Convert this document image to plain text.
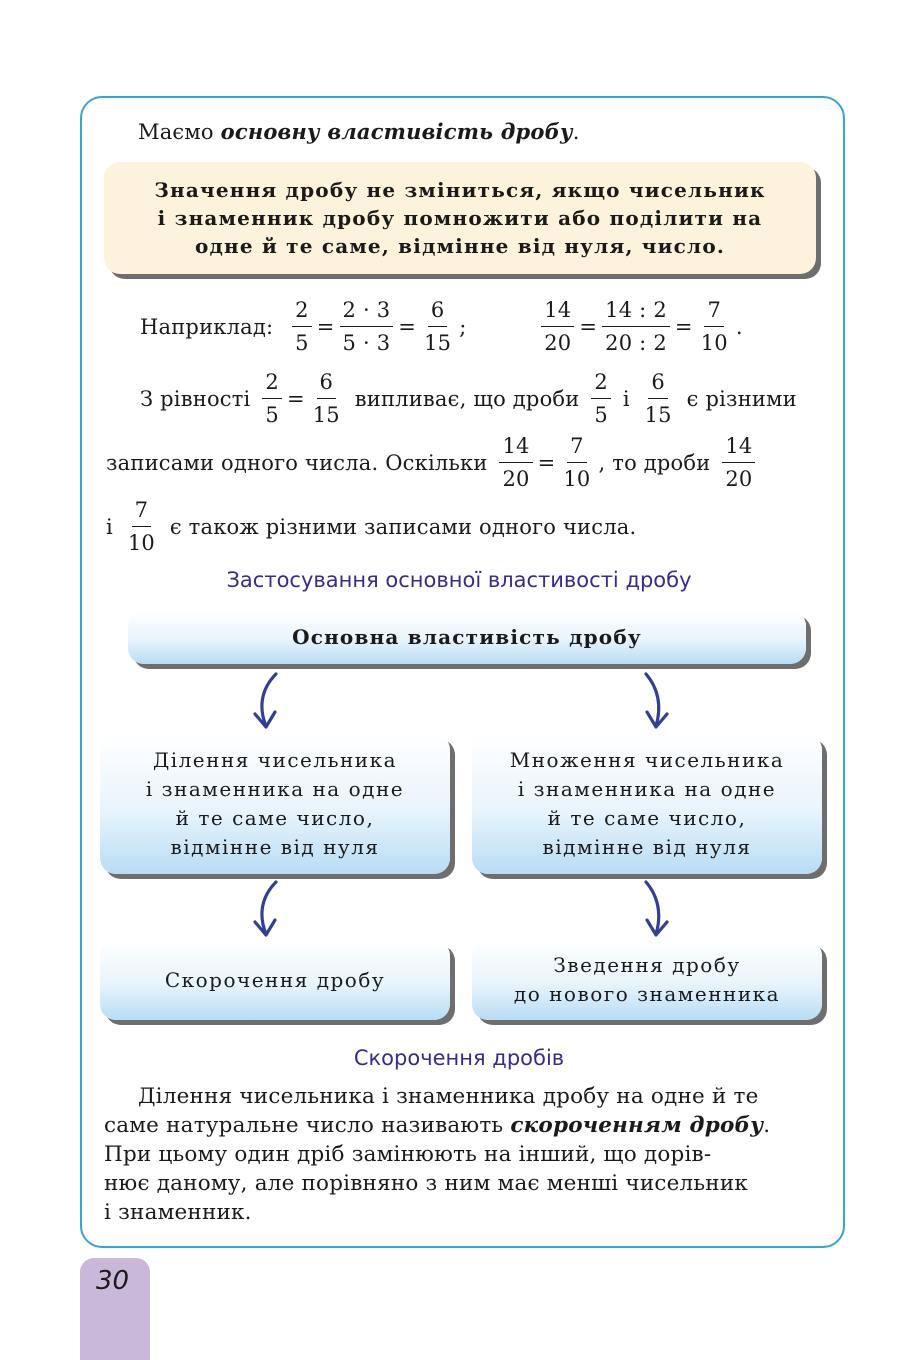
Маємо основну властивість дробу.
Значення дробу не зміниться, якщо чисельник
і знаменник дробу помножити або поділити на
одне й те саме, відмінне від нуля, число.
Наприклад: $\frac{2}{5} = \frac{2 \cdot 3}{5 \cdot 3} = \frac{6}{15}$ ;	$\frac{14}{20} = \frac{14 : 2}{20 : 2} = \frac{7}{10}$ .
З рівності $\frac{2}{5} = \frac{6}{15}$ випливає, що дроби $\frac{2}{5}$ і $\frac{6}{15}$ є різними
записами одного числа. Оскільки $\frac{14}{20} = \frac{7}{10}$ , то дроби $\frac{14}{20}$
і $\frac{7}{10}$ є також різними записами одного числа.
Застосування основної властивості дробу
Основна властивість дробу
Ділення чисельника
і знаменника на одне
й те саме число,
відмінне від нуля
Множення чисельника
і знаменника на одне
й те саме число,
відмінне від нуля
Скорочення дробу
Зведення дробу
до нового знаменника
Скорочення дробів
Ділення чисельника і знаменника дробу на одне й те
саме натуральне число називають скороченням дробу.
При цьому один дріб замінюють на інший, що дорів-
нює даному, але порівняно з ним має менші чисельник
і знаменник.
30
